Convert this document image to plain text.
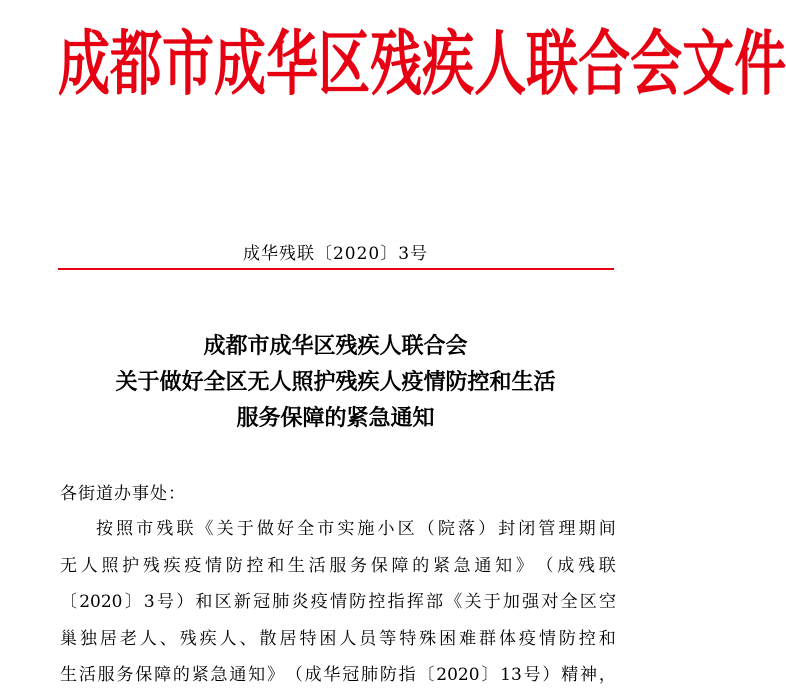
成 都 市 成 华 区 残 疾 人 联 合 会 文 件
成华残联〔2020〕3号
成都市成华区残疾人联合会
关于做好全区无人照护残疾人疫情防控和生活
服务保障的紧急通知
各街道办事处：
按 照 市 残 联 《 关 于 做 好 全 市 实 施 小 区 （ 院 落 ） 封 闭 管 理 期 间
无 人 照 护 残 疾 疫 情 防 控 和 生 活 服 务 保 障 的 紧 急 通 知 》 （ 成 残 联
〔 2020 〕 3 号 ） 和 区 新 冠 肺 炎 疫 情 防 控 指 挥 部 《 关 于 加 强 对 全 区 空
巢 独 居 老 人 、 残 疾 人 、 散 居 特 困 人 员 等 特 殊 困 难 群 体 疫 情 防 控 和
生 活 服 务 保 障 的 紧 急 通 知 》 （ 成 华 冠 肺 防 指 〔 2020 〕 13 号 ） 精 神 ，
